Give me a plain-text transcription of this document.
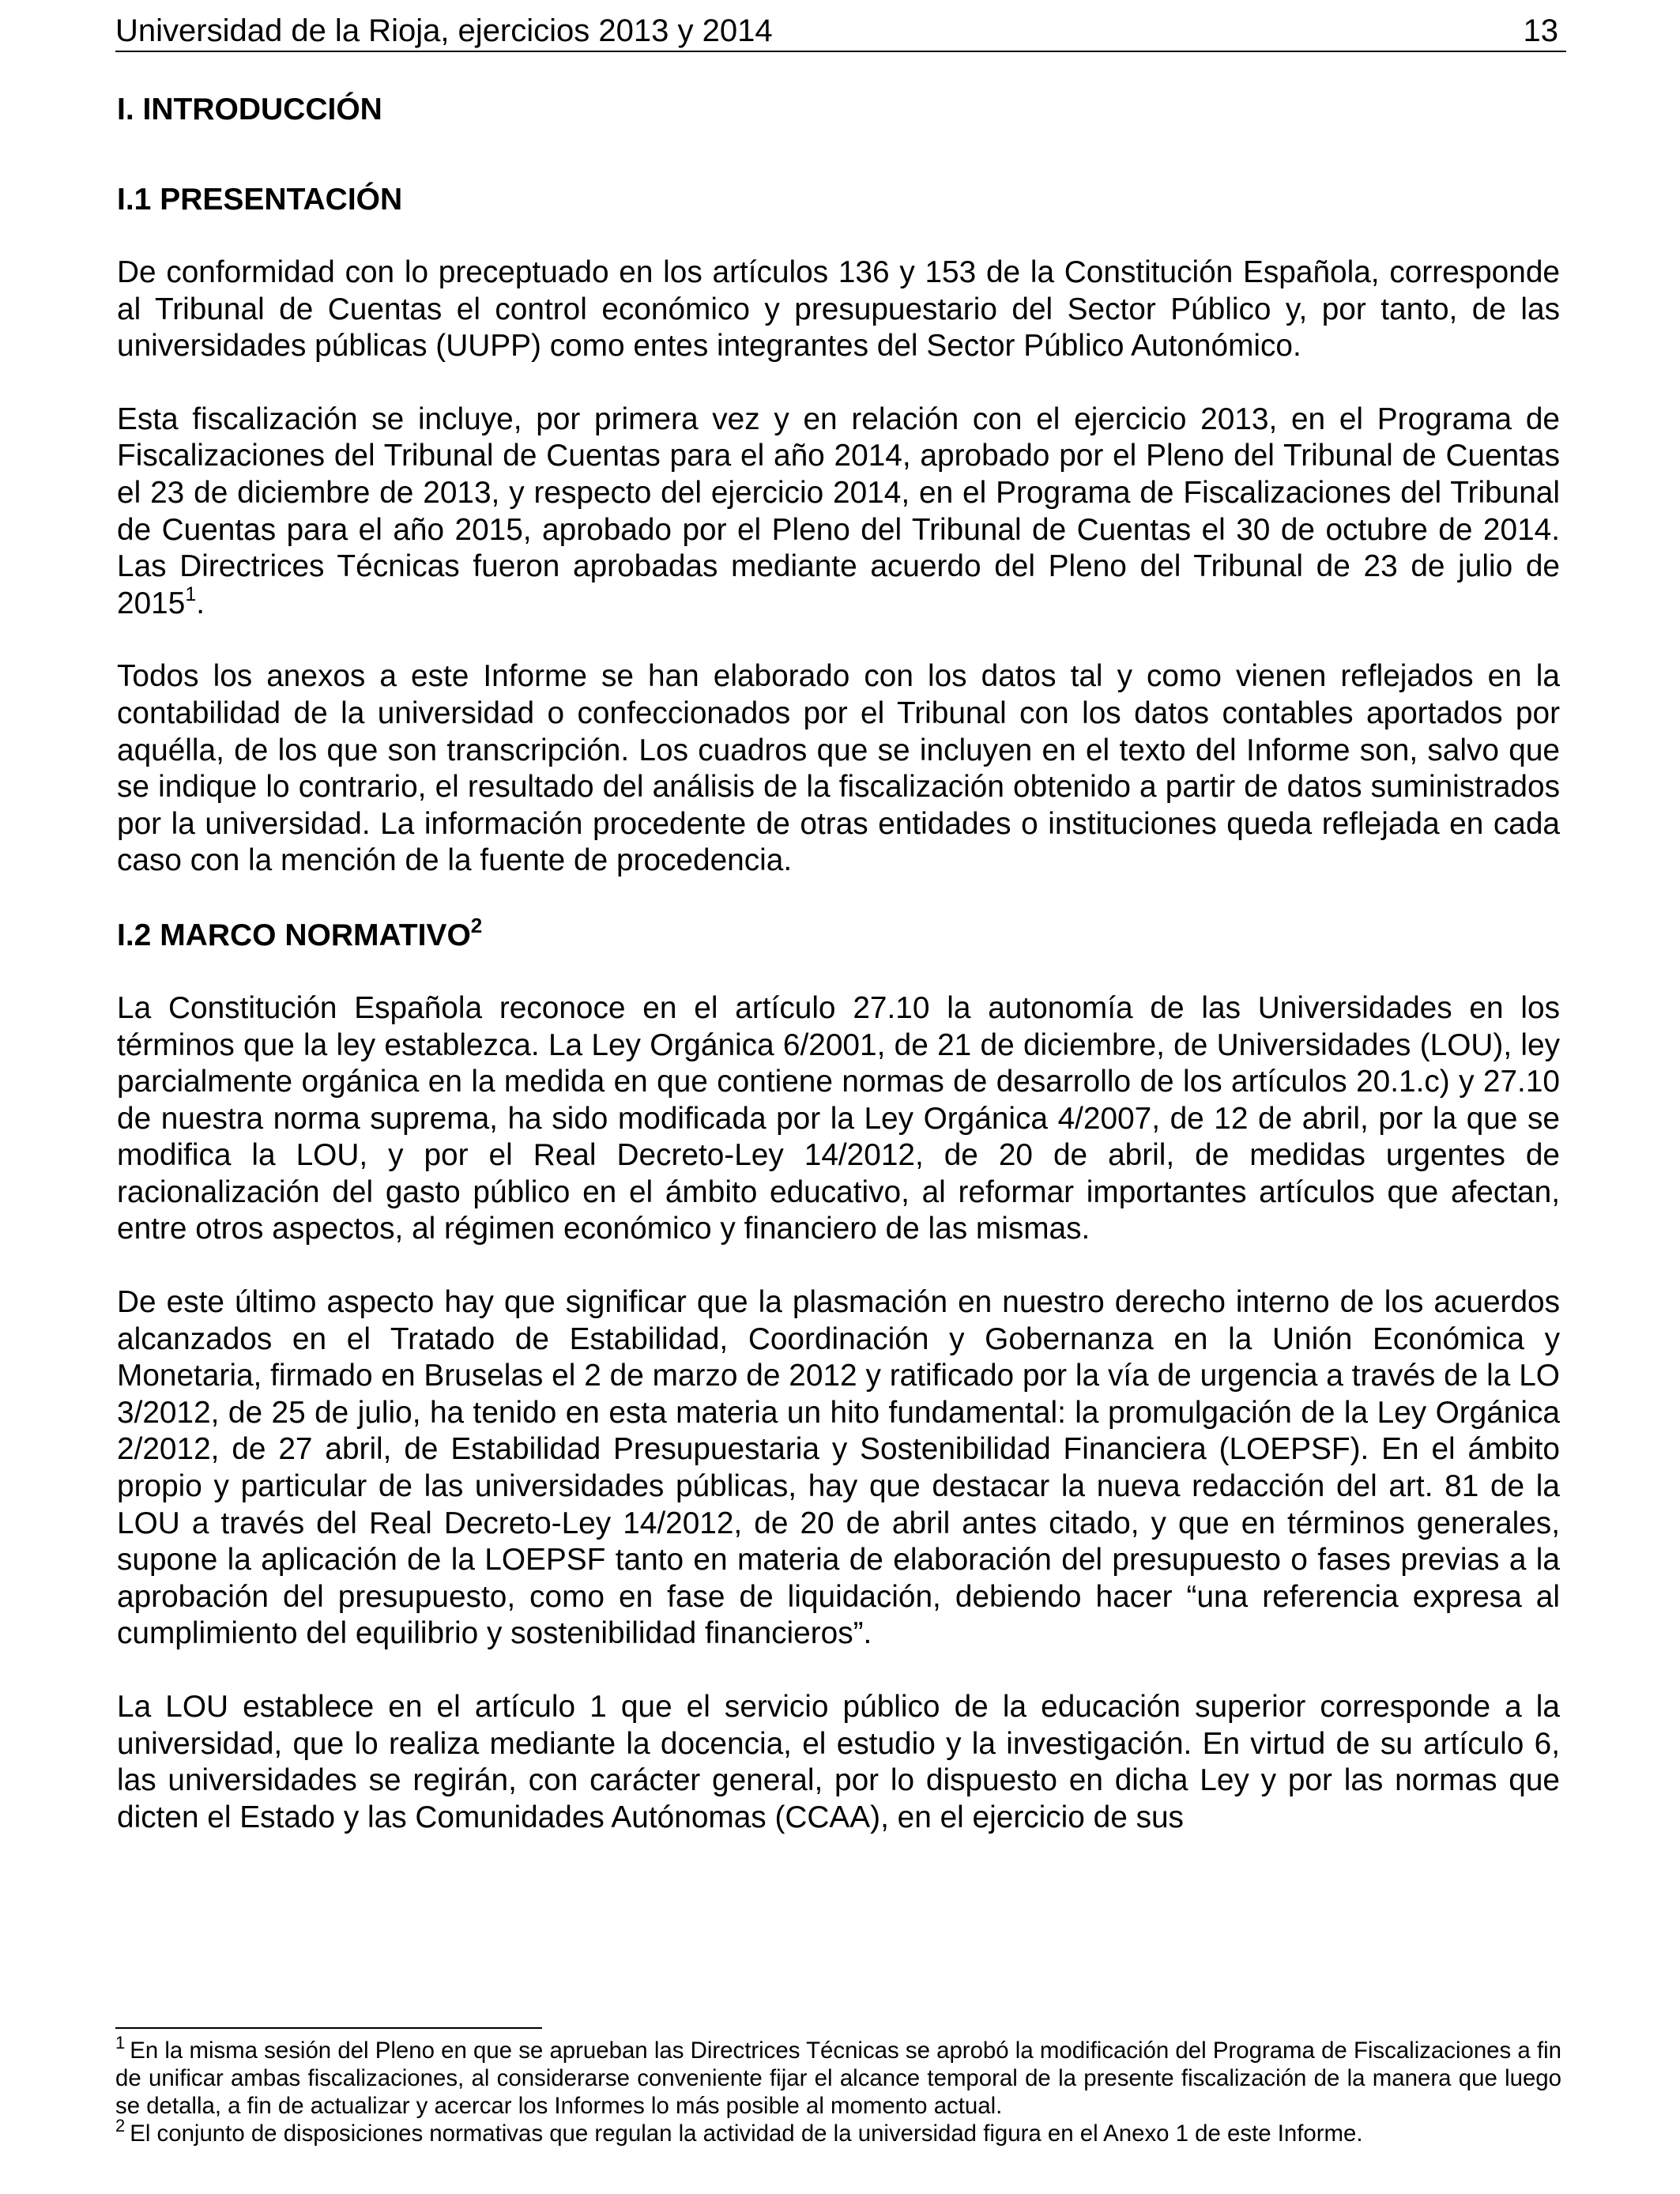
Universidad de la Rioja, ejercicios 2013 y 2014	13
I. INTRODUCCIÓN
I.1 PRESENTACIÓN

De conformidad con lo preceptuado en los artículos 136 y 153 de la Constitución Española, corresponde al Tribunal de Cuentas el control económico y presupuestario del Sector Público y, por tanto, de las universidades públicas (UUPP) como entes integrantes del Sector Público Autonómico.

Esta fiscalización se incluye, por primera vez y en relación con el ejercicio 2013, en el Programa de Fiscalizaciones del Tribunal de Cuentas para el año 2014, aprobado por el Pleno del Tribunal de Cuentas el 23 de diciembre de 2013, y respecto del ejercicio 2014, en el Programa de Fiscalizaciones del Tribunal de Cuentas para el año 2015, aprobado por el Pleno del Tribunal de Cuentas el 30 de octubre de 2014. Las Directrices Técnicas fueron aprobadas mediante acuerdo del Pleno del Tribunal de 23 de julio de 2015$^1$.

Todos los anexos a este Informe se han elaborado con los datos tal y como vienen reflejados en la contabilidad de la universidad o confeccionados por el Tribunal con los datos contables aportados por aquélla, de los que son transcripción. Los cuadros que se incluyen en el texto del Informe son, salvo que se indique lo contrario, el resultado del análisis de la fiscalización obtenido a partir de datos suministrados por la universidad. La información procedente de otras entidades o instituciones queda reflejada en cada caso con la mención de la fuente de procedencia.

I.2 MARCO NORMATIVO$^2$

La Constitución Española reconoce en el artículo 27.10 la autonomía de las Universidades en los términos que la ley establezca. La Ley Orgánica 6/2001, de 21 de diciembre, de Universidades (LOU), ley parcialmente orgánica en la medida en que contiene normas de desarrollo de los artículos 20.1.c) y 27.10 de nuestra norma suprema, ha sido modificada por la Ley Orgánica 4/2007, de 12 de abril, por la que se modifica la LOU, y por el Real Decreto-Ley 14/2012, de 20 de abril, de medidas urgentes de racionalización del gasto público en el ámbito educativo, al reformar importantes artículos que afectan, entre otros aspectos, al régimen económico y financiero de las mismas.

De este último aspecto hay que significar que la plasmación en nuestro derecho interno de los acuerdos alcanzados en el Tratado de Estabilidad, Coordinación y Gobernanza en la Unión Económica y Monetaria, firmado en Bruselas el 2 de marzo de 2012 y ratificado por la vía de urgencia a través de la LO 3/2012, de 25 de julio, ha tenido en esta materia un hito fundamental: la promulgación de la Ley Orgánica 2/2012, de 27 abril, de Estabilidad Presupuestaria y Sostenibilidad Financiera (LOEPSF). En el ámbito propio y particular de las universidades públicas, hay que destacar la nueva redacción del art. 81 de la LOU a través del Real Decreto-Ley 14/2012, de 20 de abril antes citado, y que en términos generales, supone la aplicación de la LOEPSF tanto en materia de elaboración del presupuesto o fases previas a la aprobación del presupuesto, como en fase de liquidación, debiendo hacer “una referencia expresa al cumplimiento del equilibrio y sostenibilidad financieros”.

La LOU establece en el artículo 1 que el servicio público de la educación superior corresponde a la universidad, que lo realiza mediante la docencia, el estudio y la investigación. En virtud de su artículo 6, las universidades se regirán, con carácter general, por lo dispuesto en dicha Ley y por las normas que dicten el Estado y las Comunidades Autónomas (CCAA), en el ejercicio de sus

$^1$ En la misma sesión del Pleno en que se aprueban las Directrices Técnicas se aprobó la modificación del Programa de Fiscalizaciones a fin de unificar ambas fiscalizaciones, al considerarse conveniente fijar el alcance temporal de la presente fiscalización de la manera que luego se detalla, a fin de actualizar y acercar los Informes lo más posible al momento actual.

$^2$ El conjunto de disposiciones normativas que regulan la actividad de la universidad figura en el Anexo 1 de este Informe.
